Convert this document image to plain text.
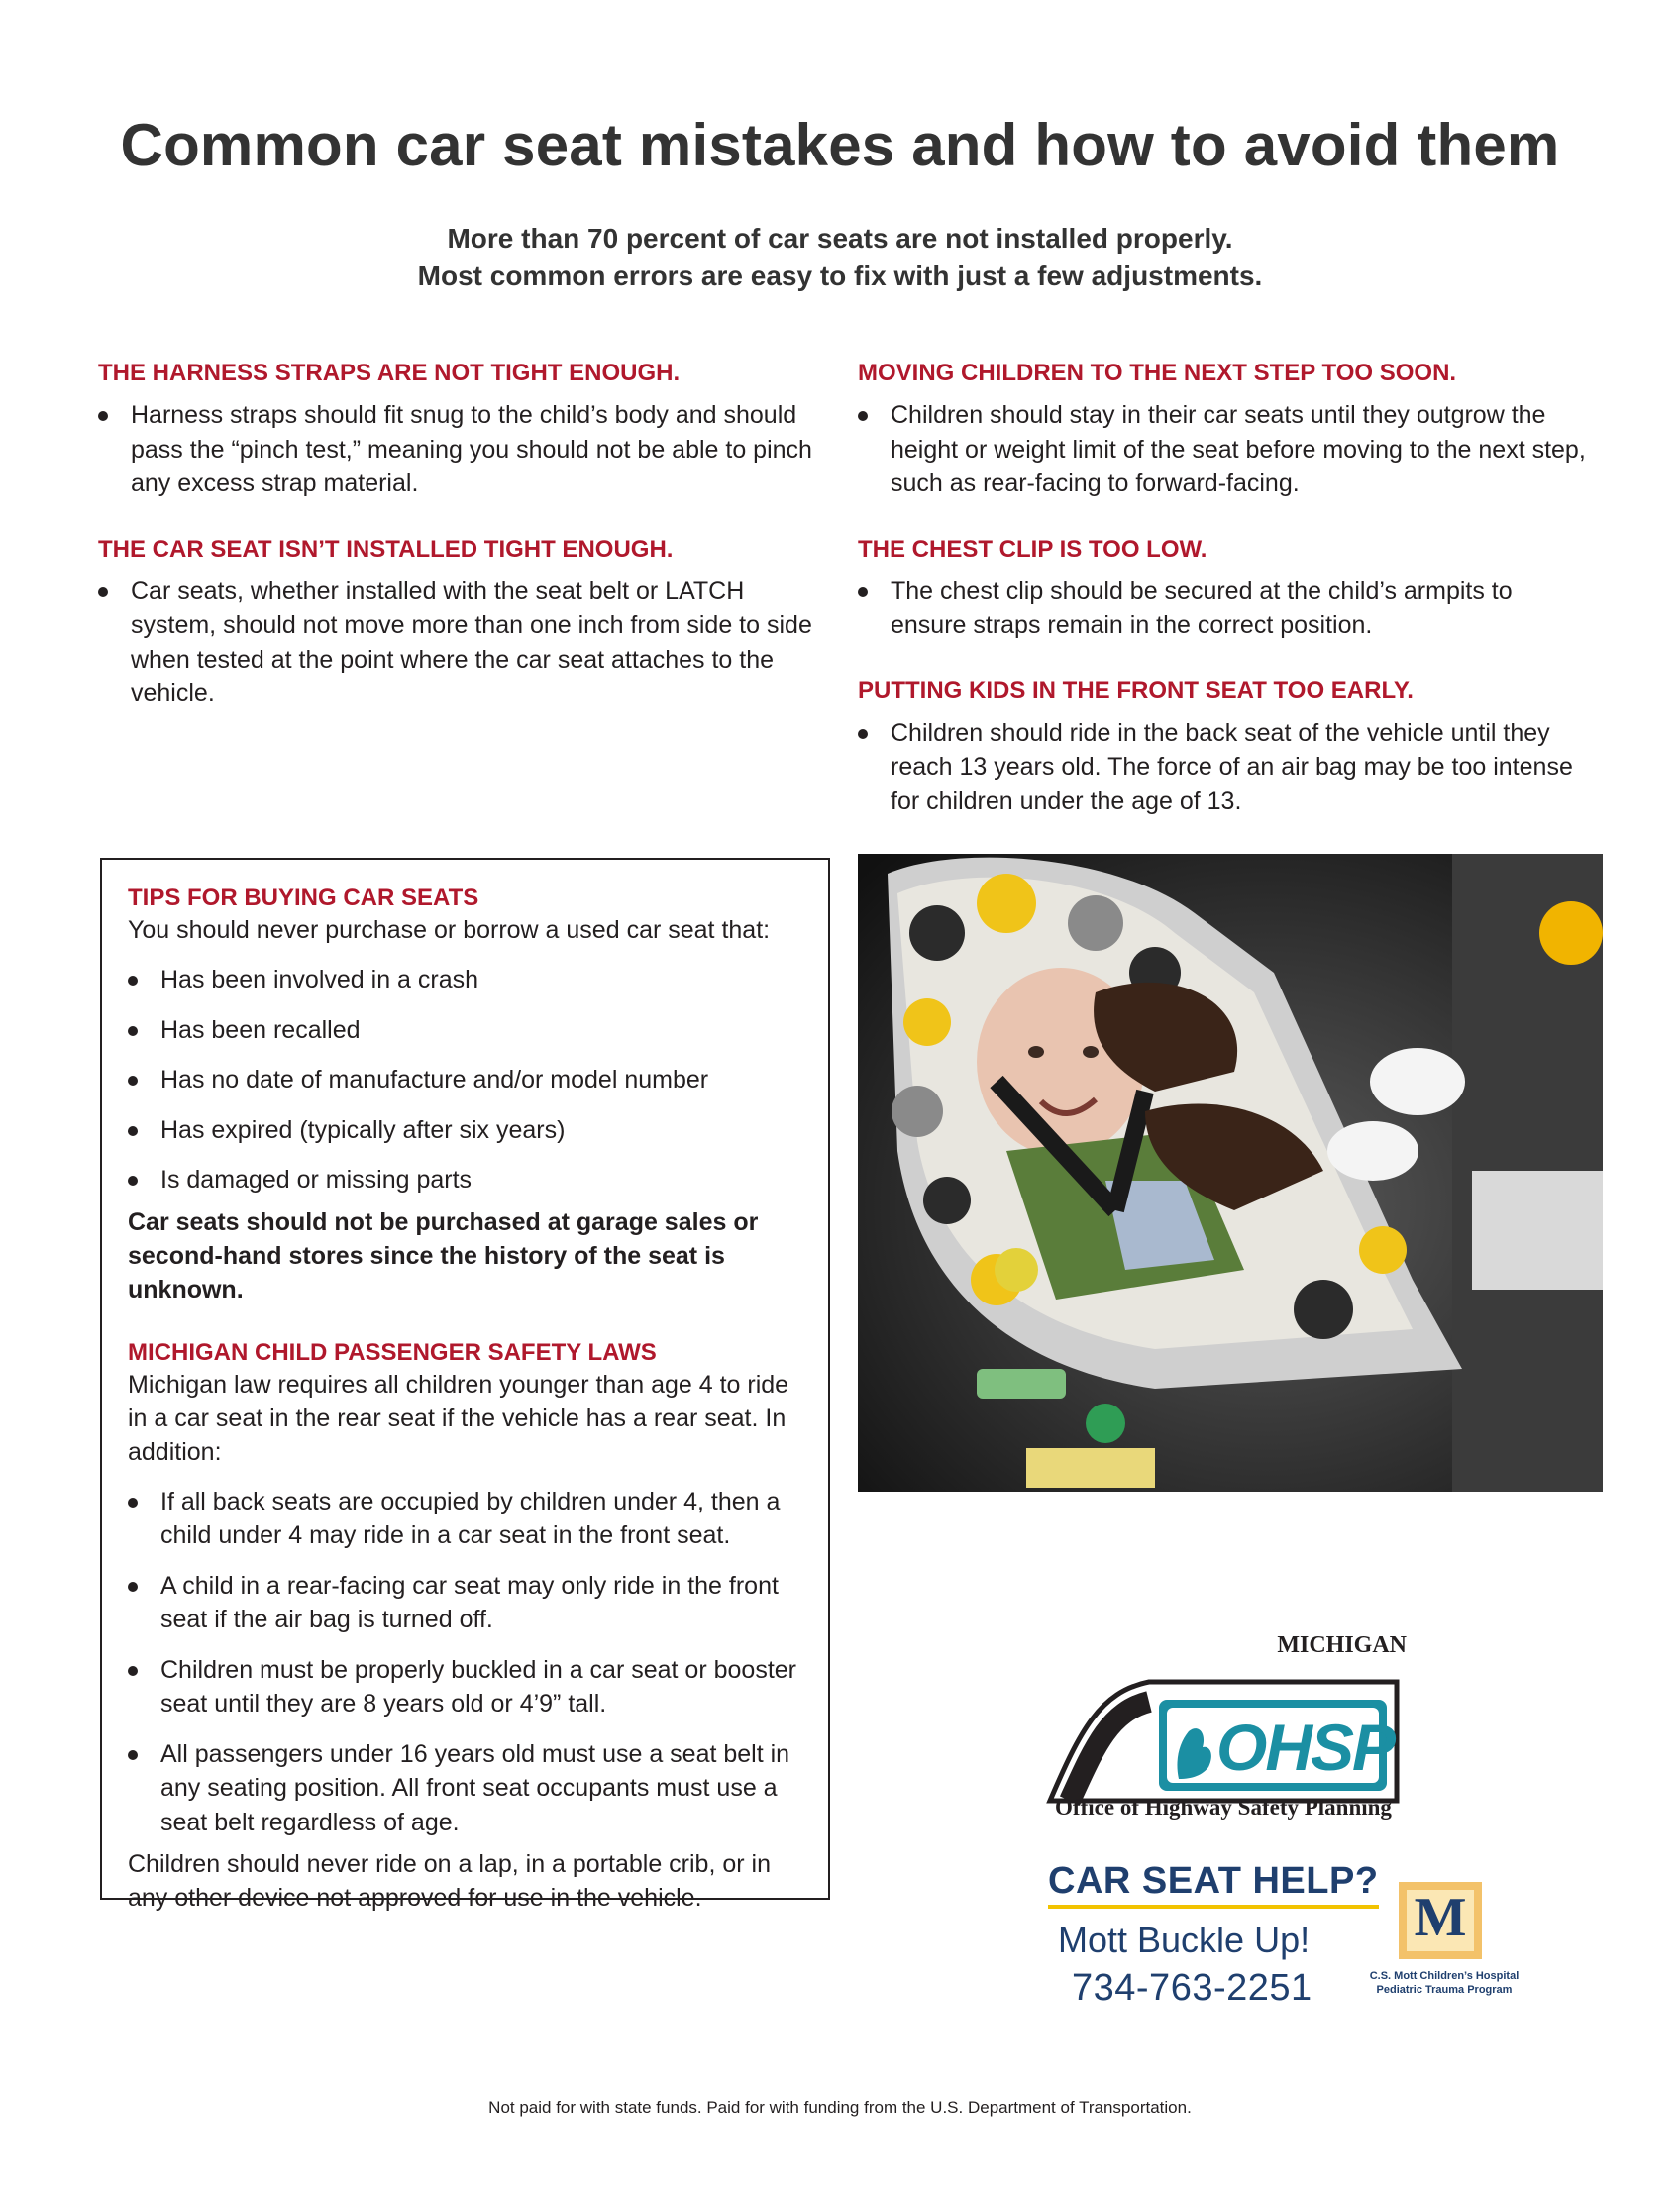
Common car seat mistakes and how to avoid them
More than 70 percent of car seats are not installed properly.
Most common errors are easy to fix with just a few adjustments.
THE HARNESS STRAPS ARE NOT TIGHT ENOUGH.
Harness straps should fit snug to the child’s body and should pass the “pinch test,” meaning you should not be able to pinch any excess strap material.
THE CAR SEAT ISN’T INSTALLED TIGHT ENOUGH.
Car seats, whether installed with the seat belt or LATCH system, should not move more than one inch from side to side when tested at the point where the car seat attaches to the vehicle.
MOVING CHILDREN TO THE NEXT STEP TOO SOON.
Children should stay in their car seats until they outgrow the height or weight limit of the seat before moving to the next step, such as rear-facing to forward-facing.
THE CHEST CLIP IS TOO LOW.
The chest clip should be secured at the child’s armpits to ensure straps remain in the correct position.
PUTTING KIDS IN THE FRONT SEAT TOO EARLY.
Children should ride in the back seat of the vehicle until they reach 13 years old. The force of an air bag may be too intense for children under the age of 13.
TIPS FOR BUYING CAR SEATS
You should never purchase or borrow a used car seat that:
Has been involved in a crash
Has been recalled
Has no date of manufacture and/or model number
Has expired (typically after six years)
Is damaged or missing parts
Car seats should not be purchased at garage sales or second-hand stores since the history of the seat is unknown.
MICHIGAN CHILD PASSENGER SAFETY LAWS
Michigan law requires all children younger than age 4 to ride in a car seat in the rear seat if the vehicle has a rear seat. In addition:
If all back seats are occupied by children under 4, then a child under 4 may ride in a car seat in the front seat.
A child in a rear-facing car seat may only ride in the front seat if the air bag is turned off.
Children must be properly buckled in a car seat or booster seat until they are 8 years old or 4’9” tall.
All passengers under 16 years old must use a seat belt in any seating position. All front seat occupants must use a seat belt regardless of age.
Children should never ride on a lap, in a portable crib, or in any other device not approved for use in the vehicle.
MICHIGAN
OHSP
Office of Highway Safety Planning
CAR SEAT HELP?
Mott Buckle Up!
734-763-2251
M
C.S. Mott Children’s Hospital
Pediatric Trauma Program
Not paid for with state funds. Paid for with funding from the U.S. Department of Transportation.
